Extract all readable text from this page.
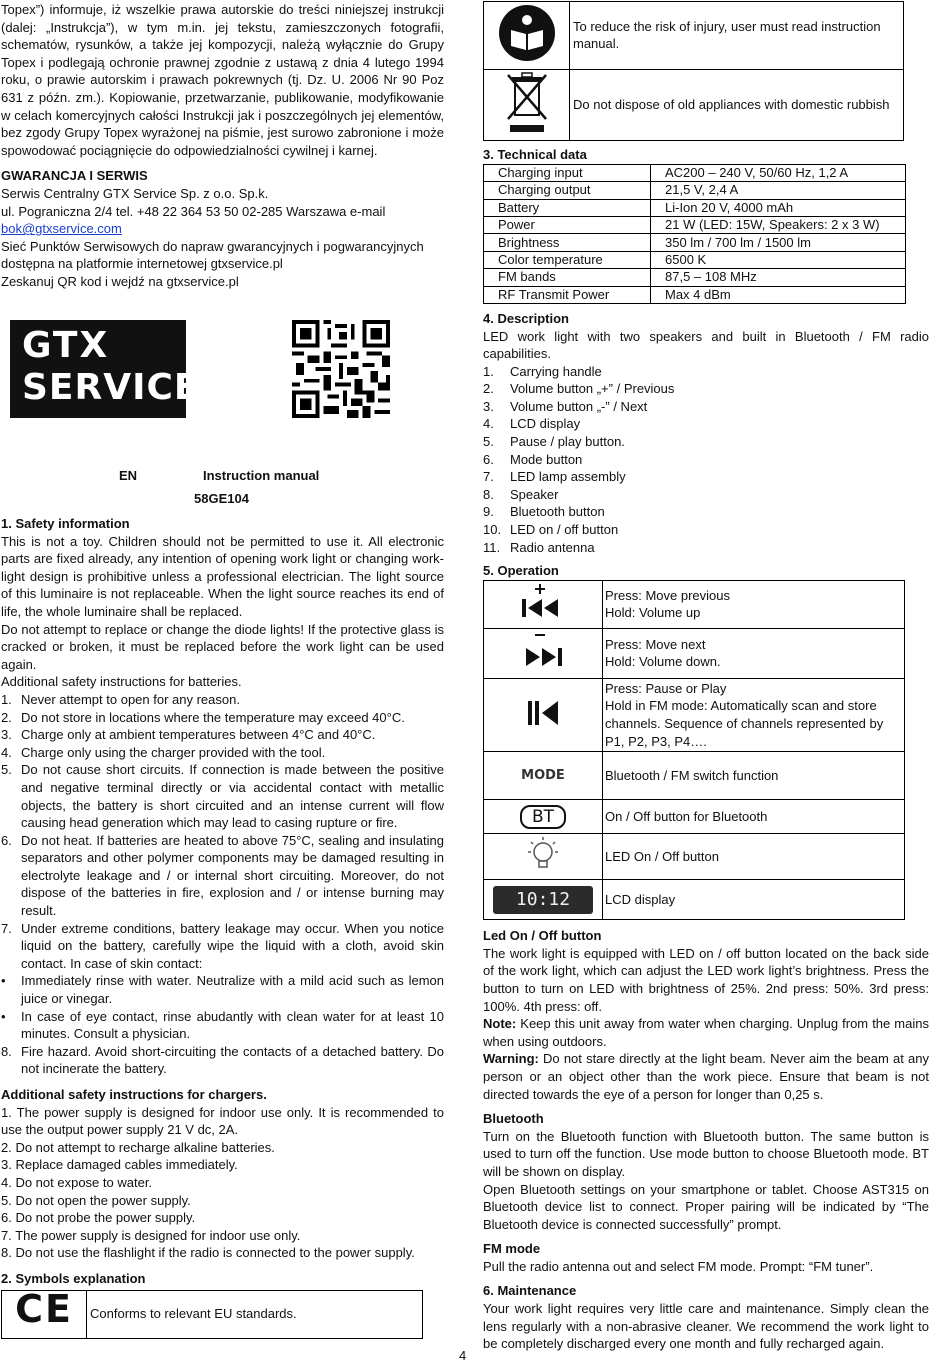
Topex”) informuje, iż wszelkie prawa autorskie do treści niniejszej instrukcji (dalej: „Instrukcja”), w tym m.in. jej tekstu, zamieszczonych fotografii, schematów, rysunków, a także jej kompozycji, należą wyłącznie do Grupy Topex i podlegają ochronie prawnej zgodnie z ustawą z dnia 4 lutego 1994 roku, o prawie autorskim i prawach pokrewnych (tj. Dz. U. 2006 Nr 90 Poz 631 z późn. zm.). Kopiowanie, przetwarzanie, publikowanie, modyfikowanie w celach komercyjnych całości Instrukcji jak i poszczególnych jej elementów, bez zgody Grupy Topex wyrażonej na piśmie, jest surowo zabronione i może spowodować pociągnięcie do odpowiedzialności cywilnej i karnej.

GWARANCJA I SERWIS

Serwis Centralny GTX Service Sp. z o.o. Sp.k.

ul. Pograniczna 2/4 tel. +48 22 364 53 50 02-285 Warszawa e-mail

bok@gtxservice.com

Sieć Punktów Serwisowych do napraw gwarancyjnych i pogwarancyjnych dostępna na platformie internetowej gtxservice.pl

Zeskanuj QR kod i wejdź na gtxservice.pl

GTX
SERVICE
EN	Instruction manual
58GE104

1. Safety information

This is not a toy. Children should not be permitted to use it. All electronic parts are fixed already, any intention of opening work light or changing work-light design is prohibitive unless a professional electrician. The light source of this luminaire is not replaceable. When the light source reaches its end of life, the whole luminaire shall be replaced.

Do not attempt to replace or change the diode lights! If the protective glass is cracked or broken, it must be replaced before the work light can be used again.

Additional safety instructions for batteries.

1. Never attempt to open for any reason.
2. Do not store in locations where the temperature may exceed 40°C.
3. Charge only at ambient temperatures between 4°C and 40°C.
4. Charge only using the charger provided with the tool.
5. Do not cause short circuits. If connection is made between the positive and negative terminal directly or via accidental contact with metallic objects, the battery is short circuited and an intense current will flow causing head generation which may lead to casing rupture or fire.
6. Do not heat. If batteries are heated to above 75°C, sealing and insulating separators and other polymer components may be damaged resulting in electrolyte leakage and / or internal short circuiting. Moreover, do not dispose of the batteries in fire, explosion and / or intense burning may result.
7. Under extreme conditions, battery leakage may occur. When you notice liquid on the battery, carefully wipe the liquid with a cloth, avoid skin contact. In case of skin contact:
•	Immediately rinse with water. Neutralize with a mild acid such as lemon juice or vinegar.
•	In case of eye contact, rinse abudantly with clean water for at least 10 minutes. Consult a physician.
8. Fire hazard. Avoid short-circuiting the contacts of a detached battery. Do not incinerate the battery.

Additional safety instructions for chargers.

1. The power supply is designed for indoor use only. It is recommended to use the output power supply 21 V dc, 2A.

2. Do not attempt to recharge alkaline batteries.

3. Replace damaged cables immediately.

4. Do not expose to water.

5. Do not open the power supply.

6. Do not probe the power supply.

7. The power supply is designed for indoor use only.

8. Do not use the flashlight if the radio is connected to the power supply.

2. Symbols explanation

CE	Conforms to relevant EU standards.
	To reduce the risk of injury, user must read instruction manual.
	Do not dispose of old appliances with domestic rubbish

3. Technical data

Charging input	AC200 – 240 V, 50/60 Hz, 1,2 A
Charging output	21,5 V, 2,4 A
Battery	Li-Ion 20 V, 4000 mAh
Power	21 W (LED: 15W, Speakers: 2 x 3 W)
Brightness	350 lm / 700 lm / 1500 lm
Color temperature	6500 K
FM bands	87,5 – 108 MHz
RF Transmit Power	Max 4 dBm

4. Description

LED work light with two speakers and built in Bluetooth / FM radio capabilities.

1.	Carrying handle
2.	Volume button „+” / Previous
3.	Volume button „-” / Next
4.	LCD display
5.	Pause / play button.
6.	Mode button
7.	LED lamp assembly
8.	Speaker
9.	Bluetooth button
10. LED on / off button
11. Radio antenna

5. Operation

Press: Move previous
Hold: Volume up

Press: Move next
Hold: Volume down.

Press: Pause or Play
Hold in FM mode: Automatically scan and store channels. Sequence of channels represented by P1, P2, P3, P4….

MODE	Bluetooth / FM switch function
BT	On / Off button for Bluetooth
	LED On / Off button
10:12	LCD display

Led On / Off button

The work light is equipped with LED on / off button located on the back side of the work light, which can adjust the LED work light’s brightness. Press the button to turn on LED with brightness of 25%. 2nd press: 50%. 3rd press: 100%. 4th press: off.

Note: Keep this unit away from water when charging. Unplug from the mains when using outdoors.

Warning: Do not stare directly at the light beam. Never aim the beam at any person or an object other than the work piece. Ensure that beam is not directed towards the eye of a person for longer than 0,25 s.

Bluetooth

Turn on the Bluetooth function with Bluetooth button. The same button is used to turn off the function. Use mode button to choose Bluetooth mode. BT will be shown on display.

Open Bluetooth settings on your smartphone or tablet. Choose AST315 on Bluetooth device list to connect. Proper pairing will be indicated by “The Bluetooth device is connected successfully” prompt.

FM mode

Pull the radio antenna out and select FM mode. Prompt: “FM tuner”.

6. Maintenance

Your work light requires very little care and maintenance. Simply clean the lens regularly with a non-abrasive cleaner. We recommend the work light to be completely discharged every one month and fully recharged again.

4
